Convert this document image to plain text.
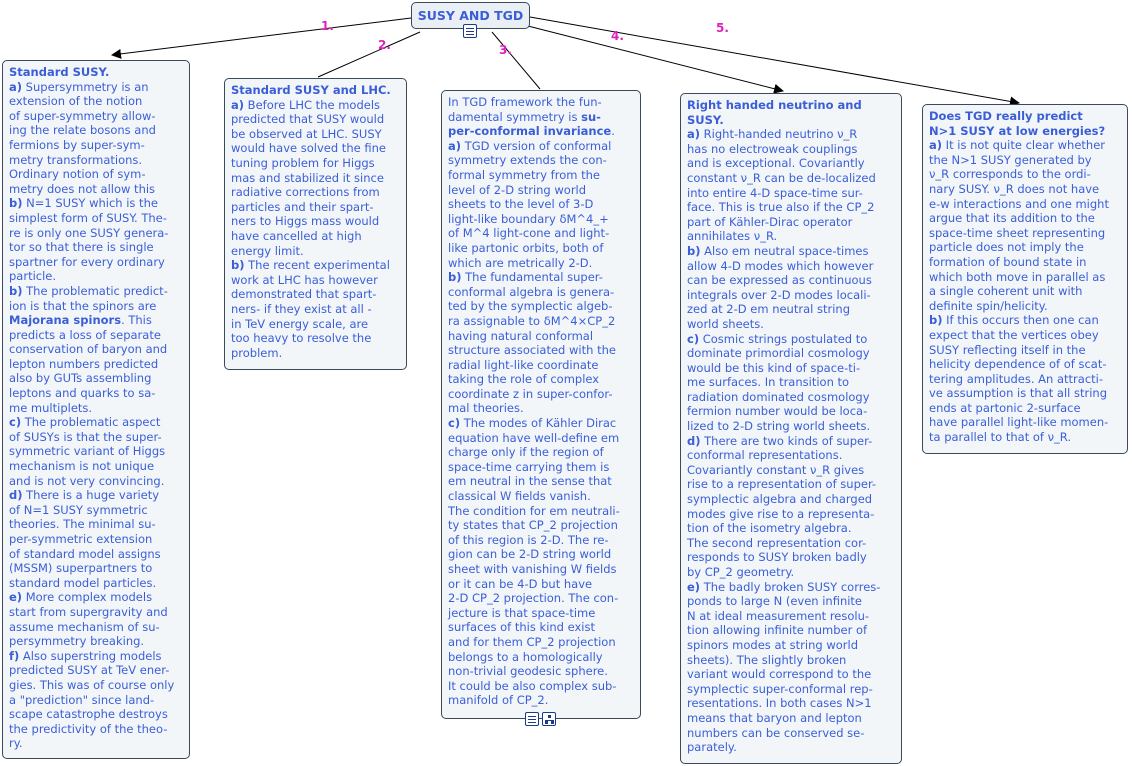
SUSY AND TGD
1.
2.	3.
4.
5.
Standard SUSY.
a) Supersymmetry is an
extension of the notion
of super-symmetry allow-
ing the relate bosons and
fermions by super-sym-
metry transformations.
Ordinary notion of sym-
metry does not allow this
b) N=1 SUSY which is the
simplest form of SUSY. The-
re is only one SUSY genera-
tor so that there is single
spartner for every ordinary
particle.
b) The problematic predict-
ion is that the spinors are
Majorana spinors. This
predicts a loss of separate
conservation of baryon and
lepton numbers predicted
also by GUTs assembling
leptons and quarks to sa-
me multiplets.
c) The problematic aspect
of SUSYs is that the super-
symmetric variant of Higgs
mechanism is not unique
and is not very convincing.
d) There is a huge variety
of N=1 SUSY symmetric
theories. The minimal su-
per-symmetric extension
of standard model assigns
(MSSM) superpartners to
standard model particles.
e) More complex models
start from supergravity and
assume mechanism of su-
persymmetry breaking.
f) Also superstring models
predicted SUSY at TeV ener-
gies. This was of course only
a "prediction" since land-
scape catastrophe destroys
the predictivity of the theo-
ry.
Standard SUSY and LHC.
a) Before LHC the models
predicted that SUSY would
be observed at LHC. SUSY
would have solved the fine
tuning problem for Higgs
mas and stabilized it since
radiative corrections from
particles and their spart-
ners to Higgs mass would
have cancelled at high
energy limit.
b) The recent experimental
work at LHC has however
demonstrated that spart-
ners- if they exist at all -
in TeV energy scale, are
too heavy to resolve the
problem.
In TGD framework the fun-
damental symmetry is su-
per-conformal invariance.
a) TGD version of conformal
symmetry extends the con-
formal symmetry from the
level of 2-D string world
sheets to the level of 3-D
light-like boundary δM^4_+
of M^4 light-cone and light-
like partonic orbits, both of
which are metrically 2-D.
b) The fundamental super-
conformal algebra is genera-
ted by the symplectic algeb-
ra assignable to δM^4×CP_2
having natural conformal
structure associated with the
radial light-like coordinate
taking the role of complex
coordinate z in super-confor-
mal theories.
c) The modes of Kähler Dirac
equation have well-define em
charge only if the region of
space-time carrying them is
em neutral in the sense that
classical W fields vanish.
The condition for em neutrali-
ty states that CP_2 projection
of this region is 2-D. The re-
gion can be 2-D string world
sheet with vanishing W fields
or it can be 4-D but have
2-D CP_2 projection. The con-
jecture is that space-time
surfaces of this kind exist
and for them CP_2 projection
belongs to a homologically
non-trivial geodesic sphere.
It could be also complex sub-
manifold of CP_2.
Right handed neutrino and
SUSY.
a) Right-handed neutrino ν_R
has no electroweak couplings
and is exceptional. Covariantly
constant ν_R can be de-localized
into entire 4-D space-time sur-
face. This is true also if the CP_2
part of Kähler-Dirac operator
annihilates ν_R.
b) Also em neutral space-times
allow 4-D modes which however
can be expressed as continuous
integrals over 2-D modes locali-
zed at 2-D em neutral string
world sheets.
c) Cosmic strings postulated to
dominate primordial cosmology
would be this kind of space-ti-
me surfaces. In transition to
radiation dominated cosmology
fermion number would be loca-
lized to 2-D string world sheets.
d) There are two kinds of super-
conformal representations.
Covariantly constant ν_R gives
rise to a representation of super-
symplectic algebra and charged
modes give rise to a representa-
tion of the isometry algebra.
The second representation cor-
responds to SUSY broken badly
by CP_2 geometry.
e) The badly broken SUSY corres-
ponds to large N (even infinite
N at ideal measurement resolu-
tion allowing infinite number of
spinors modes at string world
sheets). The slightly broken
variant would correspond to the
symplectic super-conformal rep-
resentations. In both cases N>1
means that baryon and lepton
numbers can be conserved se-
parately.
Does TGD really predict
N>1 SUSY at low energies?
a) It is not quite clear whether
the N>1 SUSY generated by
ν_R corresponds to the ordi-
nary SUSY. ν_R does not have
e-w interactions and one might
argue that its addition to the
space-time sheet representing
particle does not imply the
formation of bound state in
which both move in parallel as
a single coherent unit with
definite spin/helicity.
b) If this occurs then one can
expect that the vertices obey
SUSY reflecting itself in the
helicity dependence of of scat-
tering amplitudes. An attracti-
ve assumption is that all string
ends at partonic 2-surface
have parallel light-like momen-
ta parallel to that of ν_R.
